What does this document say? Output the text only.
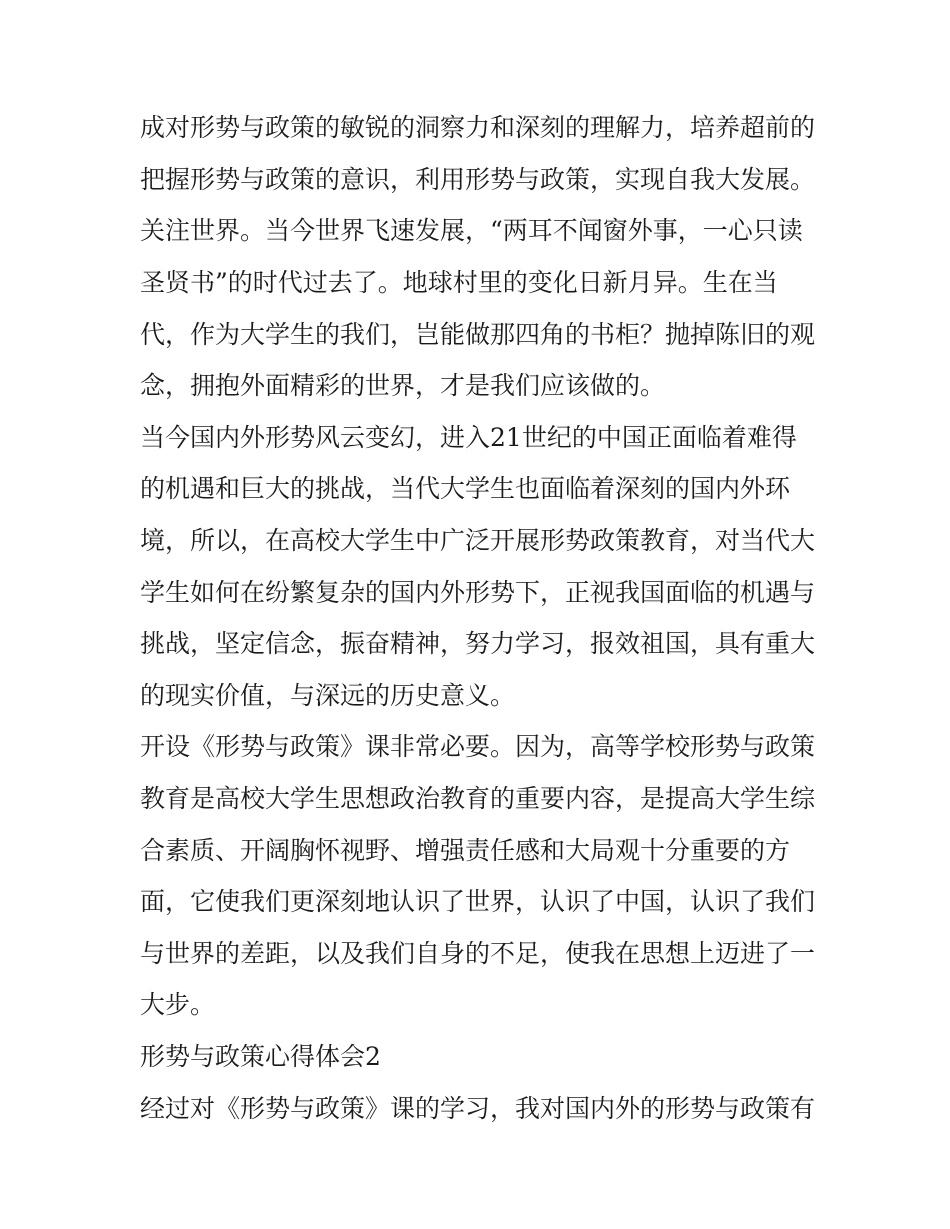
成对形势与政策的敏锐的洞察力和深刻的理解力，培养超前的
把握形势与政策的意识，利用形势与政策，实现自我大发展。
关注世界。当今世界飞速发展，“两耳不闻窗外事，一心只读
圣贤书”的时代过去了。地球村里的变化日新月异。生在当
代，作为大学生的我们，岂能做那四角的书柜？抛掉陈旧的观
念，拥抱外面精彩的世界，才是我们应该做的。
当今国内外形势风云变幻，进入21世纪的中国正面临着难得
的机遇和巨大的挑战，当代大学生也面临着深刻的国内外环
境，所以，在高校大学生中广泛开展形势政策教育，对当代大
学生如何在纷繁复杂的国内外形势下，正视我国面临的机遇与
挑战，坚定信念，振奋精神，努力学习，报效祖国，具有重大
的现实价值，与深远的历史意义。
开设《形势与政策》课非常必要。因为，高等学校形势与政策
教育是高校大学生思想政治教育的重要内容，是提高大学生综
合素质、开阔胸怀视野、增强责任感和大局观十分重要的方
面，它使我们更深刻地认识了世界，认识了中国，认识了我们
与世界的差距，以及我们自身的不足，使我在思想上迈进了一
大步。
形势与政策心得体会2
经过对《形势与政策》课的学习，我对国内外的形势与政策有
